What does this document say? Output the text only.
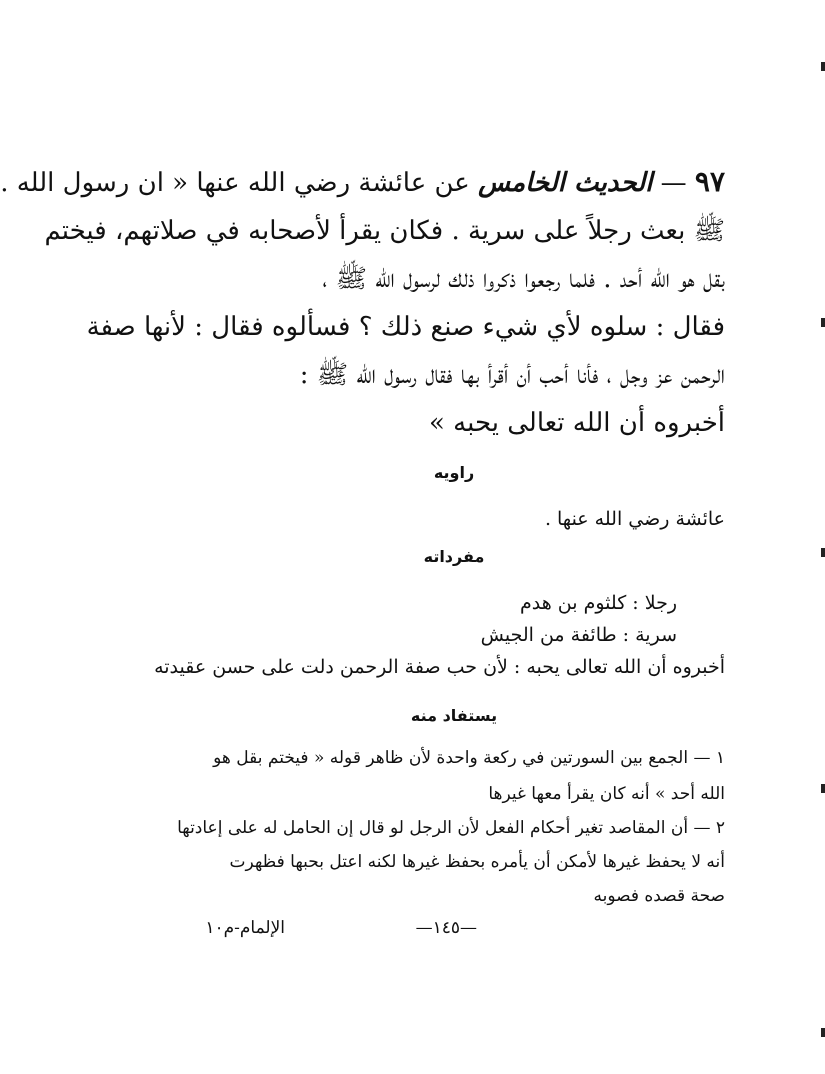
٩٧ — الحديث الخامس عن عائشة رضي الله عنها « ان رسول الله .
ﷺ بعث رجلاً على سرية . فكان يقرأ لأصحابه في صلاتهم، فيختم
بقل هو الله أحد . فلما رجعوا ذكروا ذلك لرسول الله ﷺ ،
فقال : سلوه لأي شيء صنع ذلك ؟ فسألوه فقال : لأنها صفة
الرحمن عز وجل ، فأنا أحب أن أقرأ بها فقال رسول الله ﷺ :
أخبروه أن الله تعالى يحبه »
راويه
عائشة رضي الله عنها .
مفرداته
رجلا : كلثوم بن هدم
سرية : طائفة من الجيش
أخبروه أن الله تعالى يحبه : لأن حب صفة الرحمن دلت على حسن عقيدته
يستفاد منه
١ — الجمع بين السورتين في ركعة واحدة لأن ظاهر قوله « فيختم بقل هو
الله أحد » أنه كان يقرأ معها غيرها
٢ — أن المقاصد تغير أحكام الفعل لأن الرجل لو قال إن الحامل له على إعادتها
أنه لا يحفظ غيرها لأمكن أن يأمره بحفظ غيرها لكنه اعتل بحبها فظهرت
صحة قصده فصوبه
—١٤٥—
الإلمام-م١٠
